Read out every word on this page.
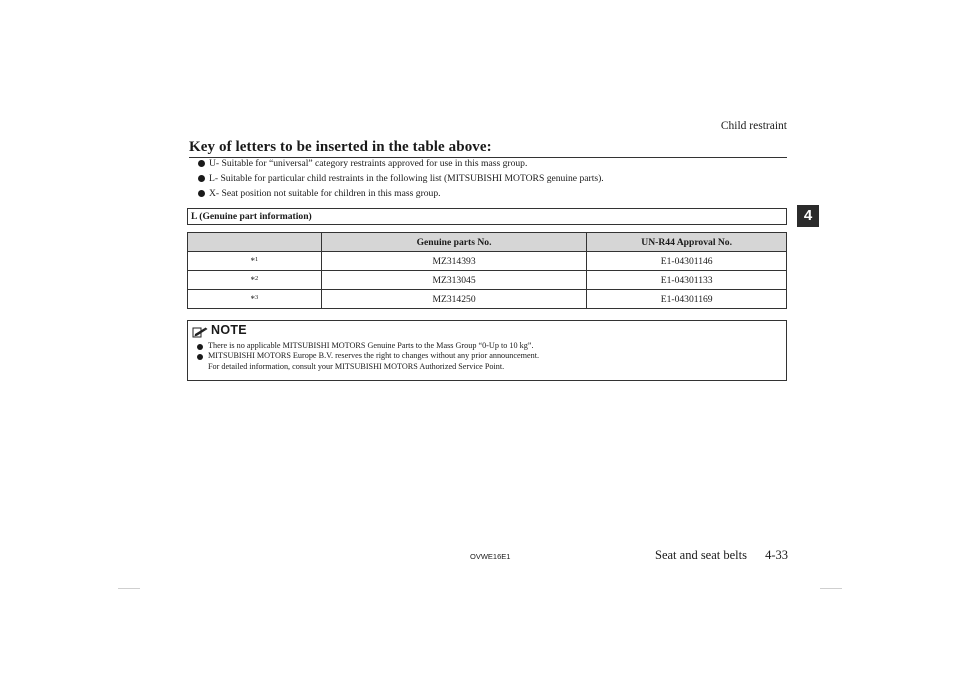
Child restraint
4
Key of letters to be inserted in the table above:
U- Suitable for “universal” category restraints approved for use in this mass group.
L- Suitable for particular child restraints in the following list (MITSUBISHI MOTORS genuine parts).
X- Seat position not suitable for children in this mass group.
L (Genuine part information)
	Genuine parts No.	UN-R44 Approval No.
*$^1$	MZ314393	E1-04301146
*$^2$	MZ313045	E1-04301133
*$^3$	MZ314250	E1-04301169
NOTE
There is no applicable MITSUBISHI MOTORS Genuine Parts to the Mass Group “0-Up to 10 kg”.
MITSUBISHI MOTORS Europe B.V. reserves the right to changes without any prior announcement.
For detailed information, consult your MITSUBISHI MOTORS Authorized Service Point.
OVWE16E1	Seat and seat belts	4-33
